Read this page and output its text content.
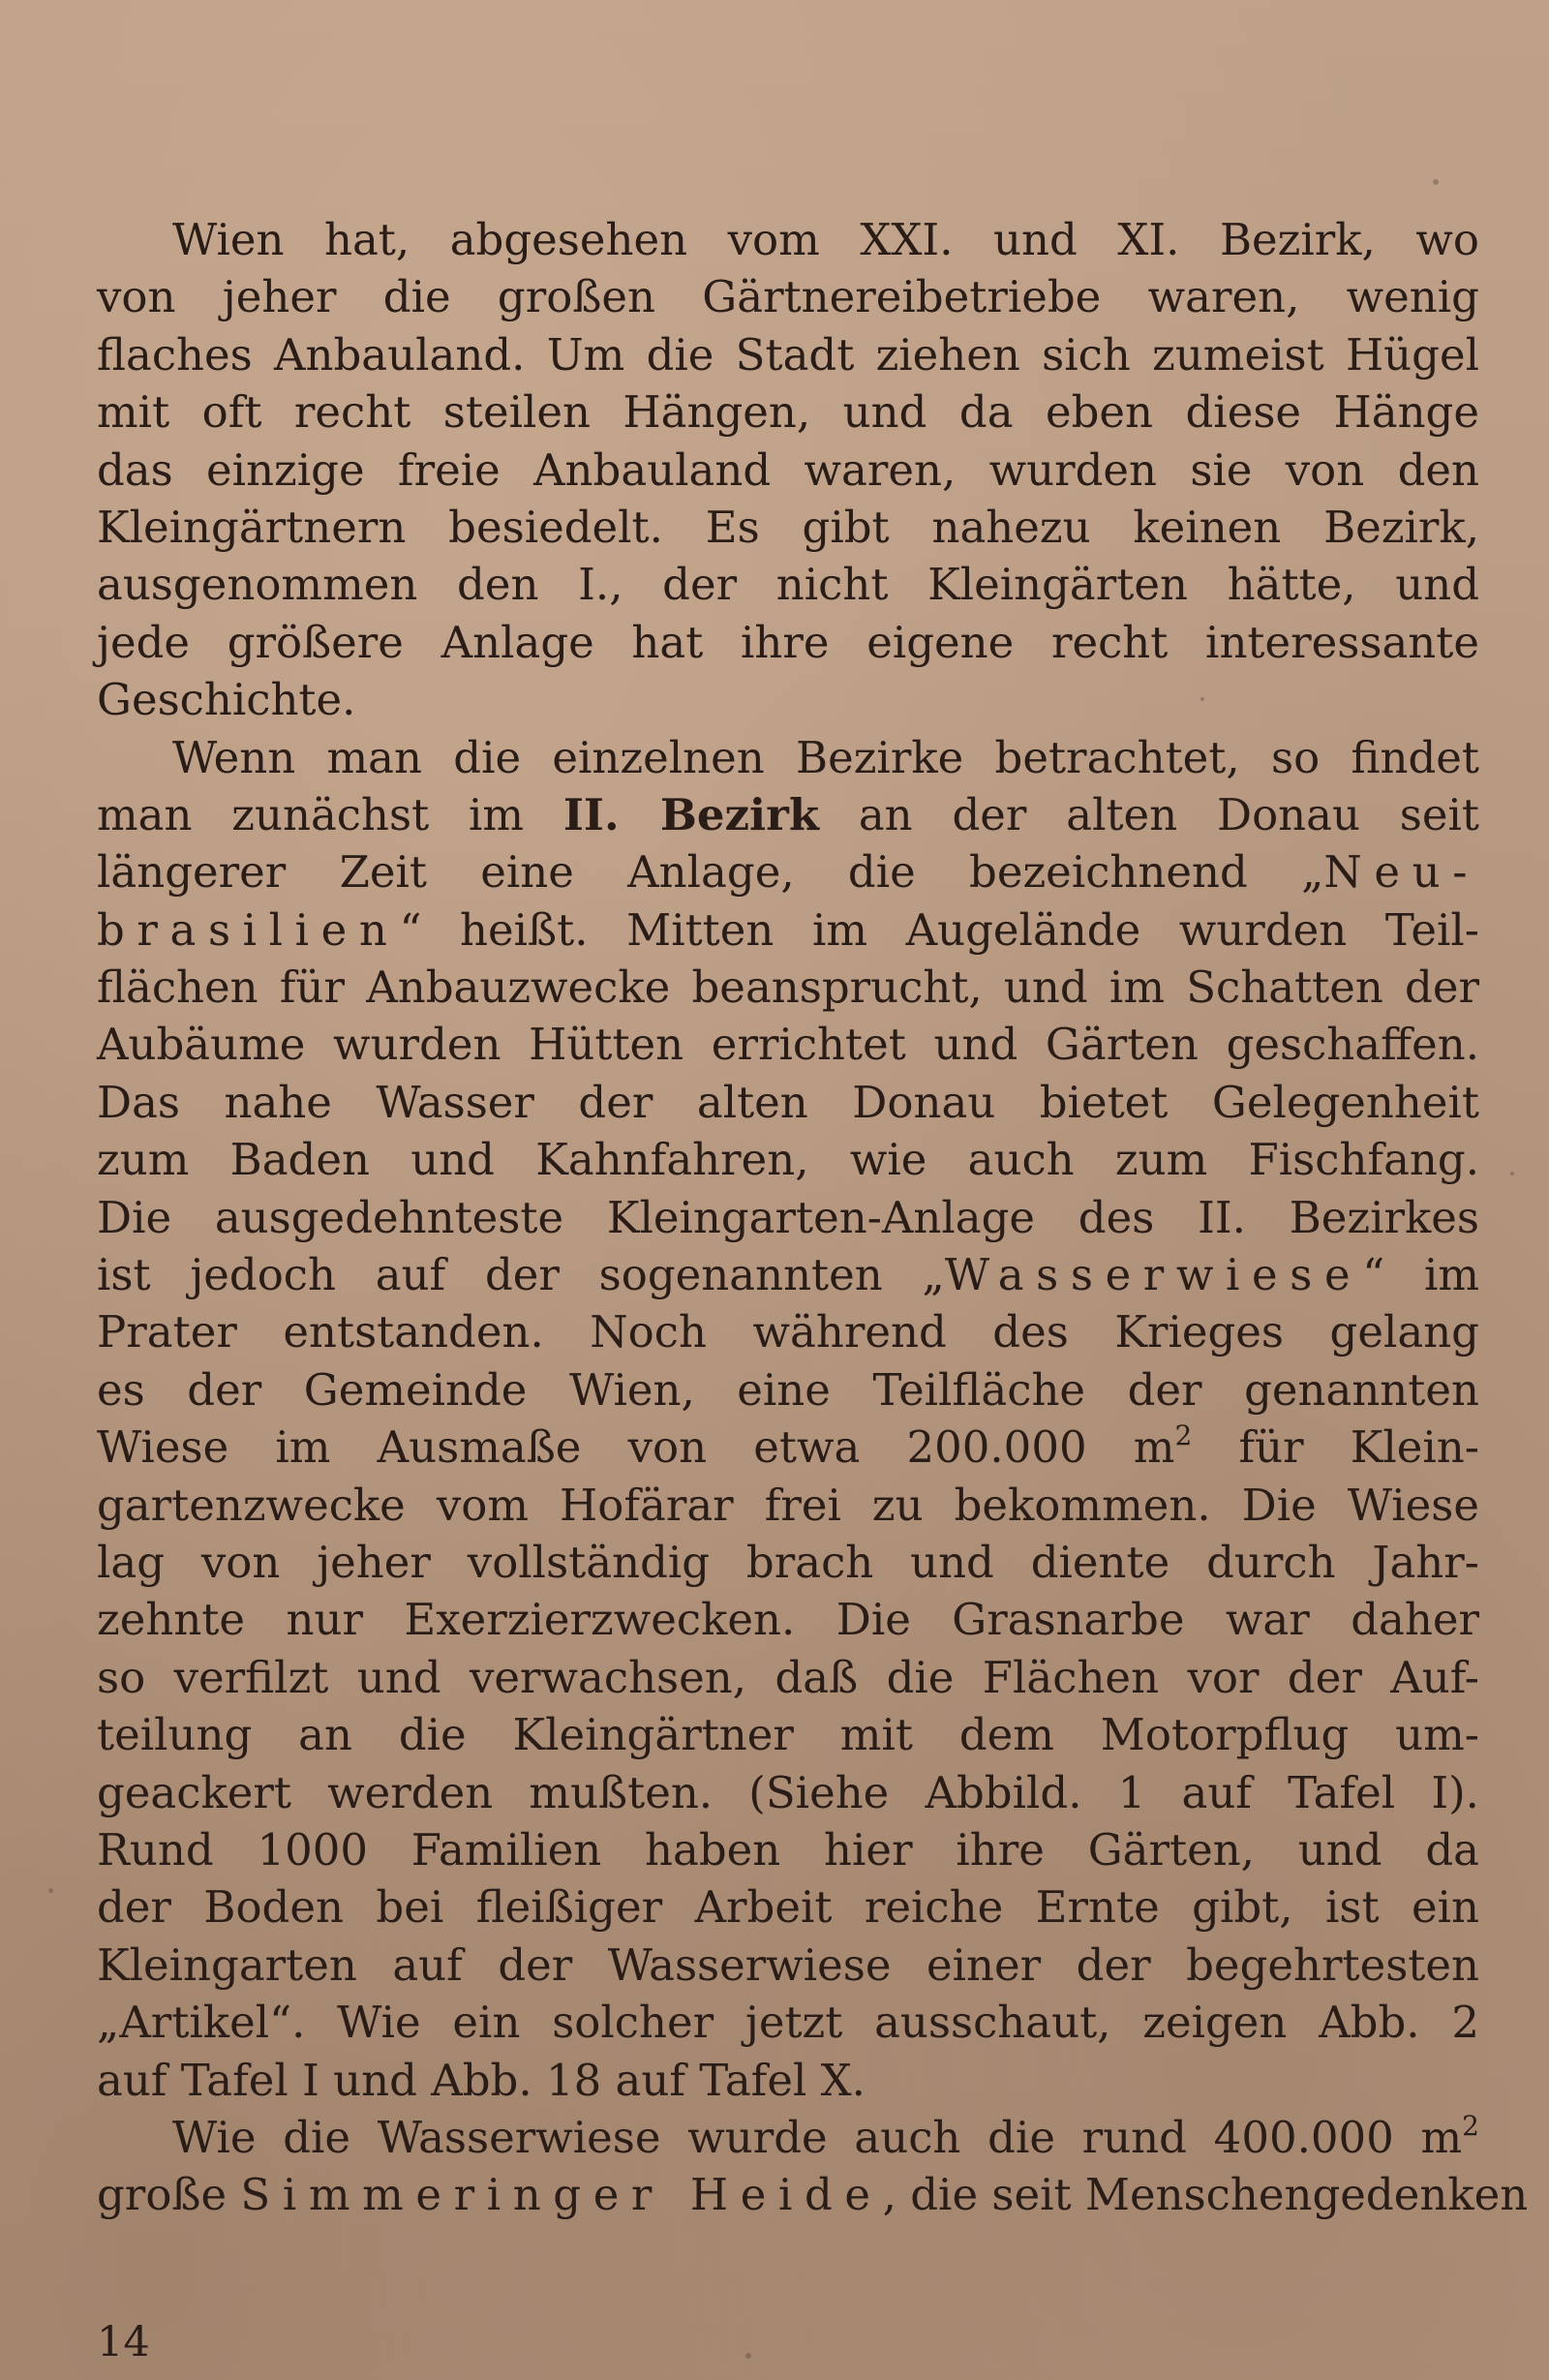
Wien hat, abgesehen vom XXI. und XI. Bezirk, wo
von jeher die großen Gärtnereibetriebe waren, wenig
flaches Anbauland. Um die Stadt ziehen sich zumeist Hügel
mit oft recht steilen Hängen, und da eben diese Hänge
das einzige freie Anbauland waren, wurden sie von den
Kleingärtnern besiedelt. Es gibt nahezu keinen Bezirk,
ausgenommen den I., der nicht Kleingärten hätte, und
jede größere Anlage hat ihre eigene recht interessante
Geschichte.
Wenn man die einzelnen Bezirke betrachtet, so findet
man zunächst im II. Bezirk an der alten Donau seit
längerer Zeit eine Anlage, die bezeichnend „Neu-
brasilien“ heißt. Mitten im Augelände wurden Teil-
flächen für Anbauzwecke beansprucht, und im Schatten der
Aubäume wurden Hütten errichtet und Gärten geschaffen.
Das nahe Wasser der alten Donau bietet Gelegenheit
zum Baden und Kahnfahren, wie auch zum Fischfang.
Die ausgedehnteste Kleingarten-Anlage des II. Bezirkes
ist jedoch auf der sogenannten „Wasserwiese“ im
Prater entstanden. Noch während des Krieges gelang
es der Gemeinde Wien, eine Teilfläche der genannten
Wiese im Ausmaße von etwa 200.000 $m^2$ für Klein-
gartenzwecke vom Hofärar frei zu bekommen. Die Wiese
lag von jeher vollständig brach und diente durch Jahr-
zehnte nur Exerzierzwecken. Die Grasnarbe war daher
so verfilzt und verwachsen, daß die Flächen vor der Auf-
teilung an die Kleingärtner mit dem Motorpflug um-
geackert werden mußten. (Siehe Abbild. 1 auf Tafel I).
Rund 1000 Familien haben hier ihre Gärten, und da
der Boden bei fleißiger Arbeit reiche Ernte gibt, ist ein
Kleingarten auf der Wasserwiese einer der begehrtesten
„Artikel“. Wie ein solcher jetzt ausschaut, zeigen Abb. 2
auf Tafel I und Abb. 18 auf Tafel X.
Wie die Wasserwiese wurde auch die rund 400.000 $m^2$
große Simmeringer Heide, die seit Menschengedenken
14
